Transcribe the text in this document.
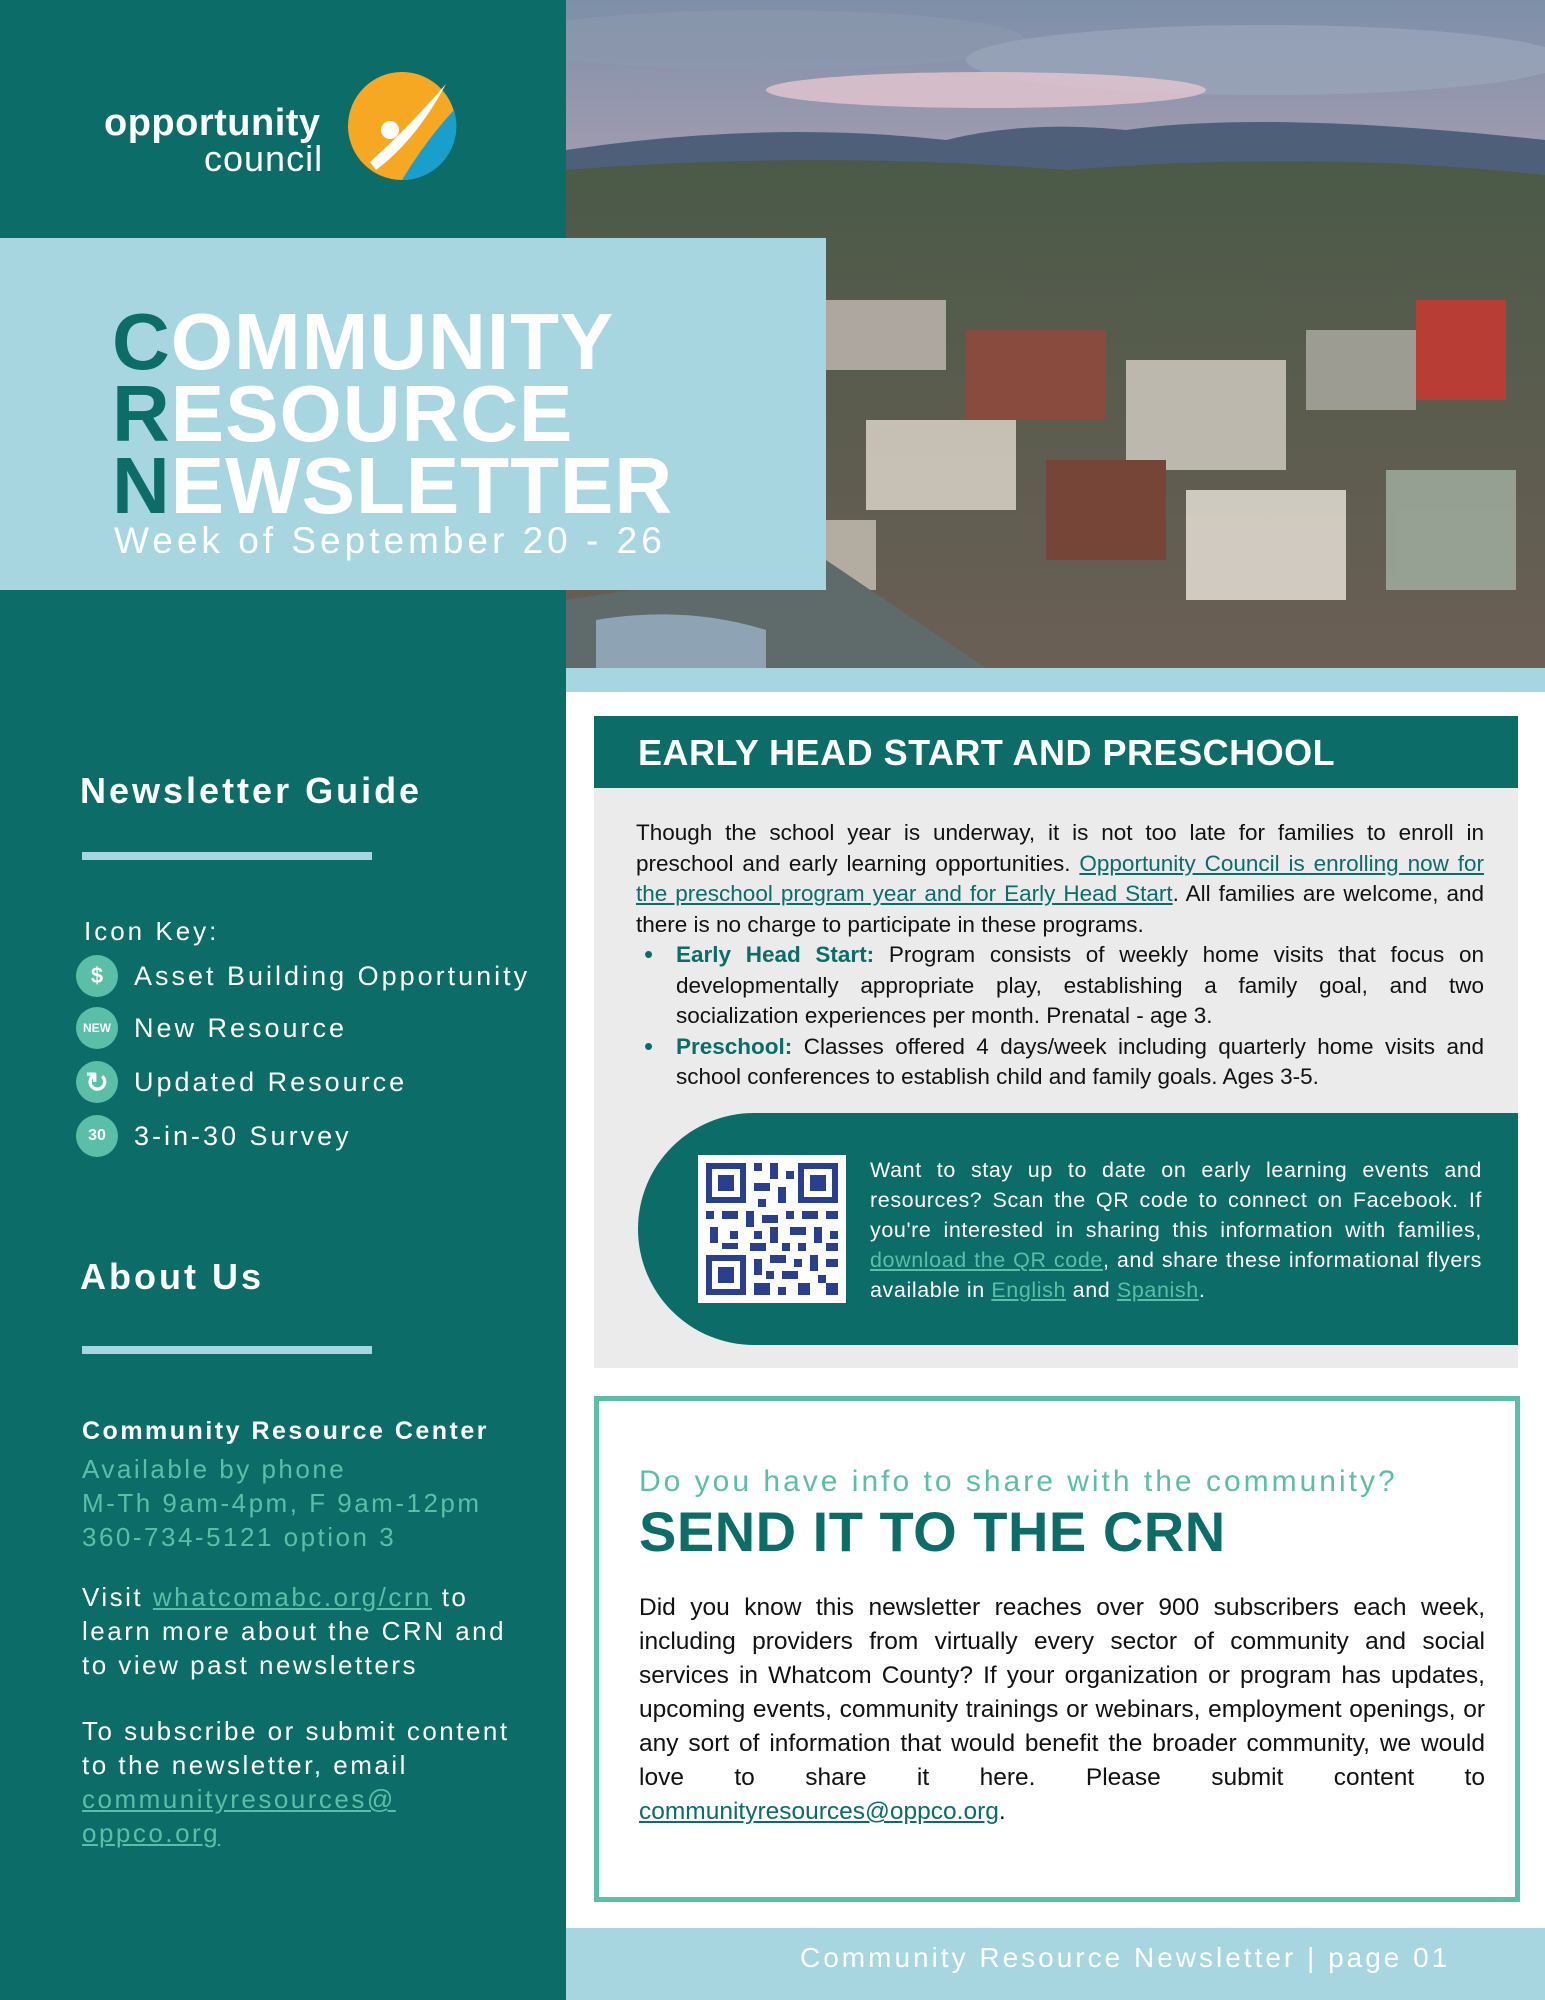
opportunity
council
COMMUNITY
RESOURCE
NEWSLETTER
Week of September 20 - 26
Newsletter Guide
Icon Key:
$	Asset Building Opportunity
NEW New Resource
↻ Updated Resource
30	3-in-30 Survey
About Us
Community Resource Center
Available by phone
M-Th 9am-4pm, F 9am-12pm
360-734-5121 option 3
Visit whatcomabc.org/crn to learn more about the CRN and to view past newsletters
To subscribe or submit content to the newsletter, email communityresources@ oppco.org
EARLY HEAD START AND PRESCHOOL
Though the school year is underway, it is not too late for families to enroll in preschool and early learning opportunities. Opportunity Council is enrolling now for the preschool program year and for Early Head Start. All families are welcome, and there is no charge to participate in these programs.
• Early Head Start: Program consists of weekly home visits that focus on developmentally appropriate play, establishing a family goal, and two socialization experiences per month. Prenatal - age 3.
• Preschool: Classes offered 4 days/week including quarterly home visits and school conferences to establish child and family goals. Ages 3-5.
Want to stay up to date on early learning events and resources? Scan the QR code to connect on Facebook. If you're interested in sharing this information with families, download the QR code, and share these informational flyers available in English and Spanish.
Do you have info to share with the community?
SEND IT TO THE CRN
Did you know this newsletter reaches over 900 subscribers each week, including providers from virtually every sector of community and social services in Whatcom County? If your organization or program has updates, upcoming events, community trainings or webinars, employment openings, or any sort of information that would benefit the broader community, we would love to share it here. Please submit content to communityresources@oppco.org.
Community Resource Newsletter | page 01
